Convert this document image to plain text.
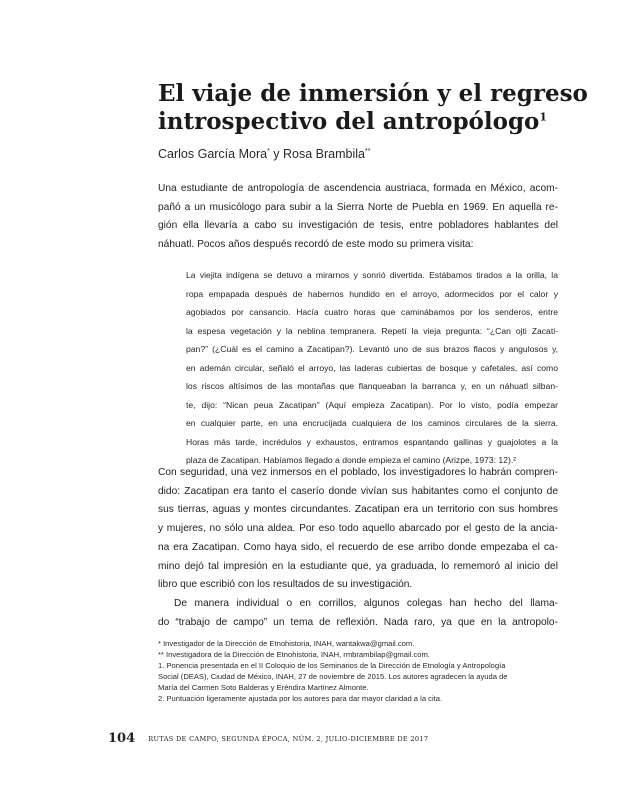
El viaje de inmersión y el regreso
introspectivo del antropólogo$^1$

Carlos García Mora* y Rosa Brambila**

Una estudiante de antropología de ascendencia austriaca, formada en México, acom-
pañó a un musicólogo para subir a la Sierra Norte de Puebla en 1969. En aquella re-
gión ella llevaría a cabo su investigación de tesis, entre pobladores hablantes del
náhuatl. Pocos años después recordó de este modo su primera visita:
La viejita indígena se detuvo a mirarnos y sonrió divertida. Estábamos tirados a la orilla, la
ropa empapada después de habernos hundido en el arroyo, adormecidos por el calor y
agobiados por cansancio. Hacía cuatro horas que caminábamos por los senderos, entre
la espesa vegetación y la neblina tempranera. Repetí la vieja pregunta: “¿Can ojti Zacati-
pan?” (¿Cuál es el camino a Zacatipan?). Levantó uno de sus brazos flacos y angulosos y,
en ademán circular, señaló el arroyo, las laderas cubiertas de bosque y cafetales, así como
los riscos altísimos de las montañas que flanqueaban la barranca y, en un náhuatl silban-
te, dijo: “Nican peua Zacatipan” (Aquí empieza Zacatipan). Por lo visto, podía empezar
en cualquier parte, en una encrucijada cualquiera de los caminos circulares de la sierra.
Horas más tarde, incrédulos y exhaustos, entramos espantando gallinas y guajolotes a la
plaza de Zacatipan. Habíamos llegado a donde empieza el camino (Arizpe, 1973: 12).²
Con seguridad, una vez inmersos en el poblado, los investigadores lo habrán compren-
dido: Zacatipan era tanto el caserío donde vivían sus habitantes como el conjunto de
sus tierras, aguas y montes circundantes. Zacatipan era un territorio con sus hombres
y mujeres, no sólo una aldea. Por eso todo aquello abarcado por el gesto de la ancia-
na era Zacatipan. Como haya sido, el recuerdo de ese arribo donde empezaba el ca-
mino dejó tal impresión en la estudiante que, ya graduada, lo rememoró al inicio del
libro que escribió con los resultados de su investigación.
De manera individual o en corrillos, algunos colegas han hecho del llama-
do “trabajo de campo” un tema de reflexión. Nada raro, ya que en la antropolo-
* Investigador de la Dirección de Etnohistoria, INAH, wantakwa@gmail.com.
** Investigadora de la Dirección de Etnohistoria, INAH, rmbrambilap@gmail.com.
1. Ponencia presentada en el II Coloquio de los Seminarios de la Dirección de Etnología y Antropología
Social (DEAS), Ciudad de México, INAH, 27 de noviembre de 2015. Los autores agradecen la ayuda de
María del Carmen Soto Balderas y Eréndira Martínez Almonte.
2. Puntuación ligeramente ajustada por los autores para dar mayor claridad a la cita.
104 RUTAS DE CAMPO, SEGUNDA ÉPOCA, NÚM. 2, JULIO-DICIEMBRE DE 2017
